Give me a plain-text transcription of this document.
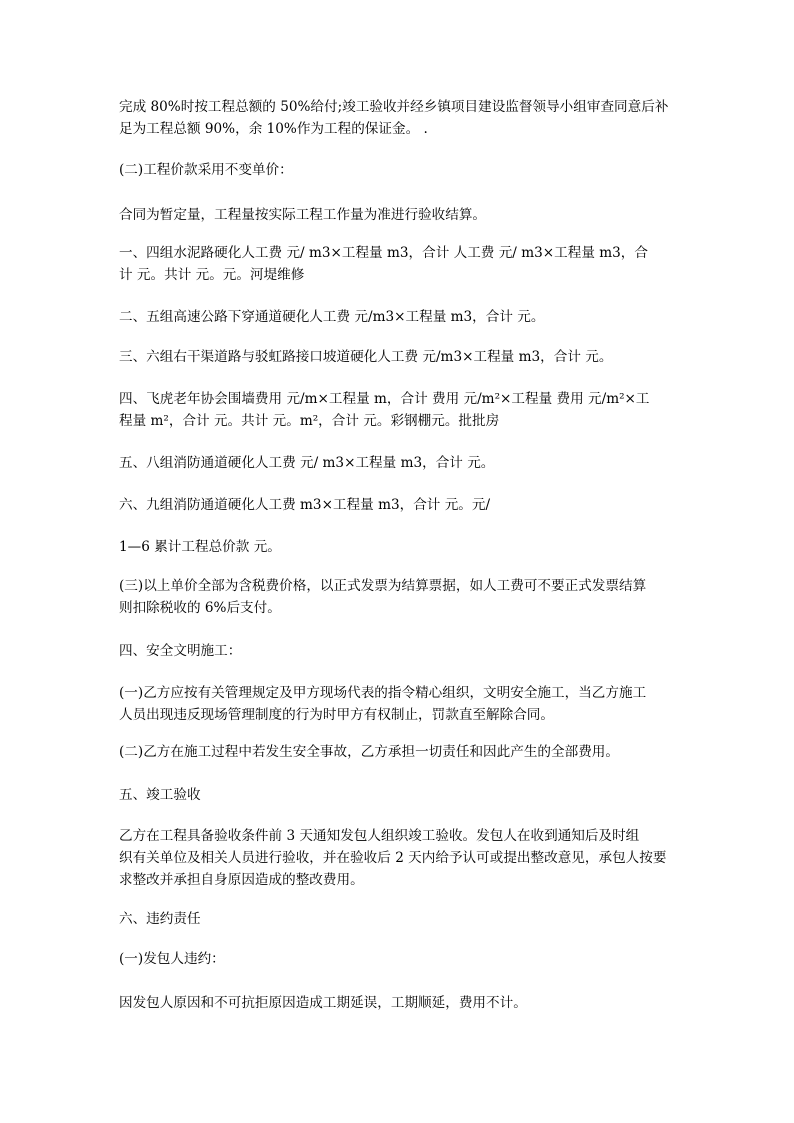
完成 80%时按工程总额的 50%给付;竣工验收并经乡镇项目建设监督领导小组审查同意后补
足为工程总额 90%，余 10%作为工程的保证金。 .
(二)工程价款采用不变单价：
合同为暂定量，工程量按实际工程工作量为准进行验收结算。
一、四组水泥路硬化人工费 元/ m3×工程量 m3，合计 人工费 元/ m3×工程量 m3，合
计 元。共计 元。元。河堤维修
二、五组高速公路下穿通道硬化人工费 元/m3×工程量 m3，合计 元。
三、六组右干渠道路与驳虹路接口坡道硬化人工费 元/m3×工程量 m3，合计 元。
四、飞虎老年协会围墙费用 元/m×工程量 m，合计 费用 元/m²×工程量 费用 元/m²×工
程量 m²，合计 元。共计 元。m²，合计 元。彩钢棚元。批批房
五、八组消防通道硬化人工费 元/ m3×工程量 m3，合计 元。
六、九组消防通道硬化人工费 m3×工程量 m3，合计 元。元/
1—6 累计工程总价款 元。
(三)以上单价全部为含税费价格，以正式发票为结算票据，如人工费可不要正式发票结算
则扣除税收的 6%后支付。
四、安全文明施工：
(一)乙方应按有关管理规定及甲方现场代表的指令精心组织，文明安全施工，当乙方施工
人员出现违反现场管理制度的行为时甲方有权制止，罚款直至解除合同。
(二)乙方在施工过程中若发生安全事故，乙方承担一切责任和因此产生的全部费用。
五、竣工验收
乙方在工程具备验收条件前 3 天通知发包人组织竣工验收。发包人在收到通知后及时组
织有关单位及相关人员进行验收，并在验收后 2 天内给予认可或提出整改意见，承包人按要
求整改并承担自身原因造成的整改费用。
六、违约责任
(一)发包人违约：
因发包人原因和不可抗拒原因造成工期延误，工期顺延，费用不计。
